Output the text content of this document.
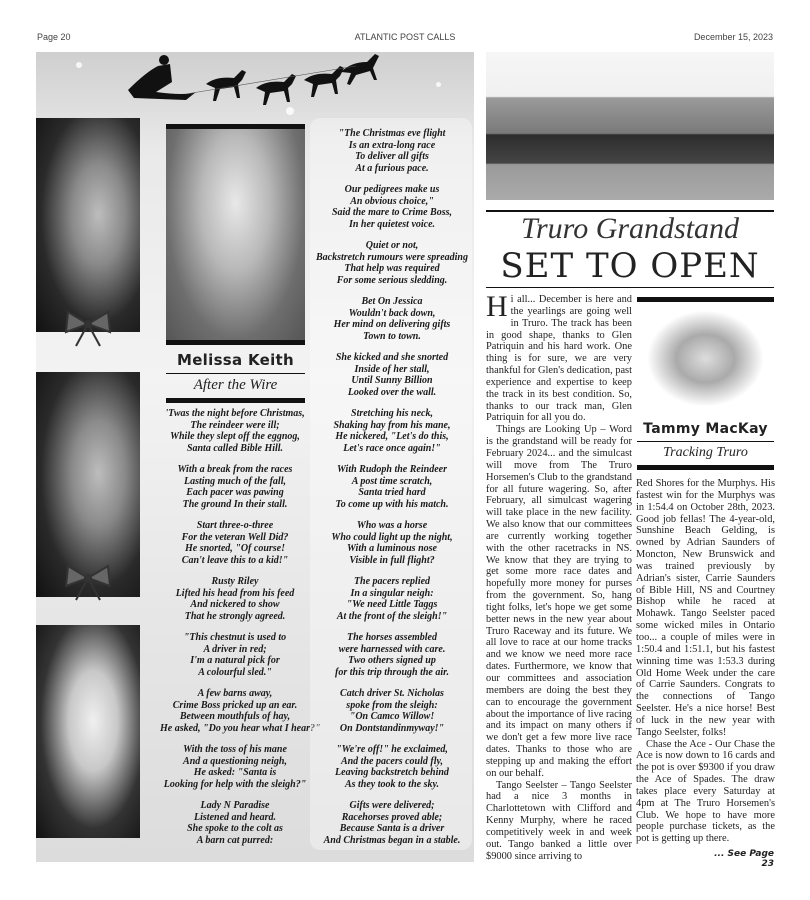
Page 20	ATLANTIC POST CALLS	December 15, 2023
Melissa Keith
After the Wire
'Twas the night before Christmas,
The reindeer were ill;
While they slept off the eggnog,
Santa called Bible Hill.
With a break from the races
Lasting much of the fall,
Each pacer was pawing
The ground In their stall.
Start three-o-three
For the veteran Well Did?
He snorted, "Of course!
Can't leave this to a kid!"
Rusty Riley
Lifted his head from his feed
And nickered to show
That he strongly agreed.
"This chestnut is used to
A driver in red;
I'm a natural pick for
A colourful sled."
A few barns away,
Crime Boss pricked up an ear.
Between mouthfuls of hay,
He asked, "Do you hear what I hear?"
With the toss of his mane
And a questioning neigh,
He asked: "Santa is
Looking for help with the sleigh?"
Lady N Paradise
Listened and heard.
She spoke to the colt as
A barn cat purred:
"The Christmas eve flight
Is an extra-long race
To deliver all gifts
At a furious pace.
Our pedigrees make us
An obvious choice,"
Said the mare to Crime Boss,
In her quietest voice.
Quiet or not,
Backstretch rumours were spreading
That help was required
For some serious sledding.
Bet On Jessica
Wouldn't back down,
Her mind on delivering gifts
Town to town.
She kicked and she snorted
Inside of her stall,
Until Sunny Billion
Looked over the wall.
Stretching his neck,
Shaking hay from his mane,
He nickered, "Let's do this,
Let's race once again!"
With Rudoph the Reindeer
A post time scratch,
Santa tried hard
To come up with his match.
Who was a horse
Who could light up the night,
With a luminous nose
Visible in full flight?
The pacers replied
In a singular neigh:
"We need Little Taggs
At the front of the sleigh!"
The horses assembled
were harnessed with care.
Two others signed up
for this trip through the air.
Catch driver St. Nicholas
spoke from the sleigh:
"On Camco Willow!
On Dontstandinmyway!"
"We're off!" he exclaimed,
And the pacers could fly,
Leaving backstretch behind
As they took to the sky.
Gifts were delivered;
Racehorses proved able;
Because Santa is a driver
And Christmas began in a stable.
Truro Grandstand
SET TO OPEN

Hi all... December is here and the yearlings are going well in Truro. The track has been in good shape, thanks to Glen Patriquin and his hard work. One thing is for sure, we are very thankful for Glen's dedication, past experience and expertise to keep the track in its best condition. So, thanks to our track man, Glen Patriquin for all you do.

Things are Looking Up – Word is the grandstand will be ready for February 2024... and the simulcast will move from The Truro Horsemen's Club to the grandstand for all future wagering. So, after February, all simulcast wagering will take place in the new facility. We also know that our committees are currently working together with the other racetracks in NS. We know that they are trying to get some more race dates and hopefully more money for purses from the government. So, hang tight folks, let's hope we get some better news in the new year about Truro Raceway and its future. We all love to race at our home tracks and we know we need more race dates. Furthermore, we know that our committees and association members are doing the best they can to encourage the government about the importance of live racing and its impact on many others if we don't get a few more live race dates. Thanks to those who are stepping up and making the effort on our behalf.

Tango Seelster – Tango Seelster had a nice 3 months in Charlottetown with Clifford and Kenny Murphy, where he raced competitively week in and week out. Tango banked a little over $9000 since arriving to

Tammy MacKay
Tracking Truro

Red Shores for the Murphys. His fastest win for the Murphys was in 1:54.4 on October 28th, 2023. Good job fellas! The 4-year-old, Sunshine Beach Gelding, is owned by Adrian Saunders of Moncton, New Brunswick and was trained previously by Adrian's sister, Carrie Saunders of Bible Hill, NS and Courtney Bishop while he raced at Mohawk. Tango Seelster paced some wicked miles in Ontario too... a couple of miles were in 1:50.4 and 1:51.1, but his fastest winning time was 1:53.3 during Old Home Week under the care of Carrie Saunders. Congrats to the connections of Tango Seelster. He's a nice horse! Best of luck in the new year with Tango Seelster, folks!

Chase the Ace - Our Chase the Ace is now down to 16 cards and the pot is over $9300 if you draw the Ace of Spades. The draw takes place every Saturday at 4pm at The Truro Horsemen's Club. We hope to have more people purchase tickets, as the pot is getting up there.

... See Page 23
